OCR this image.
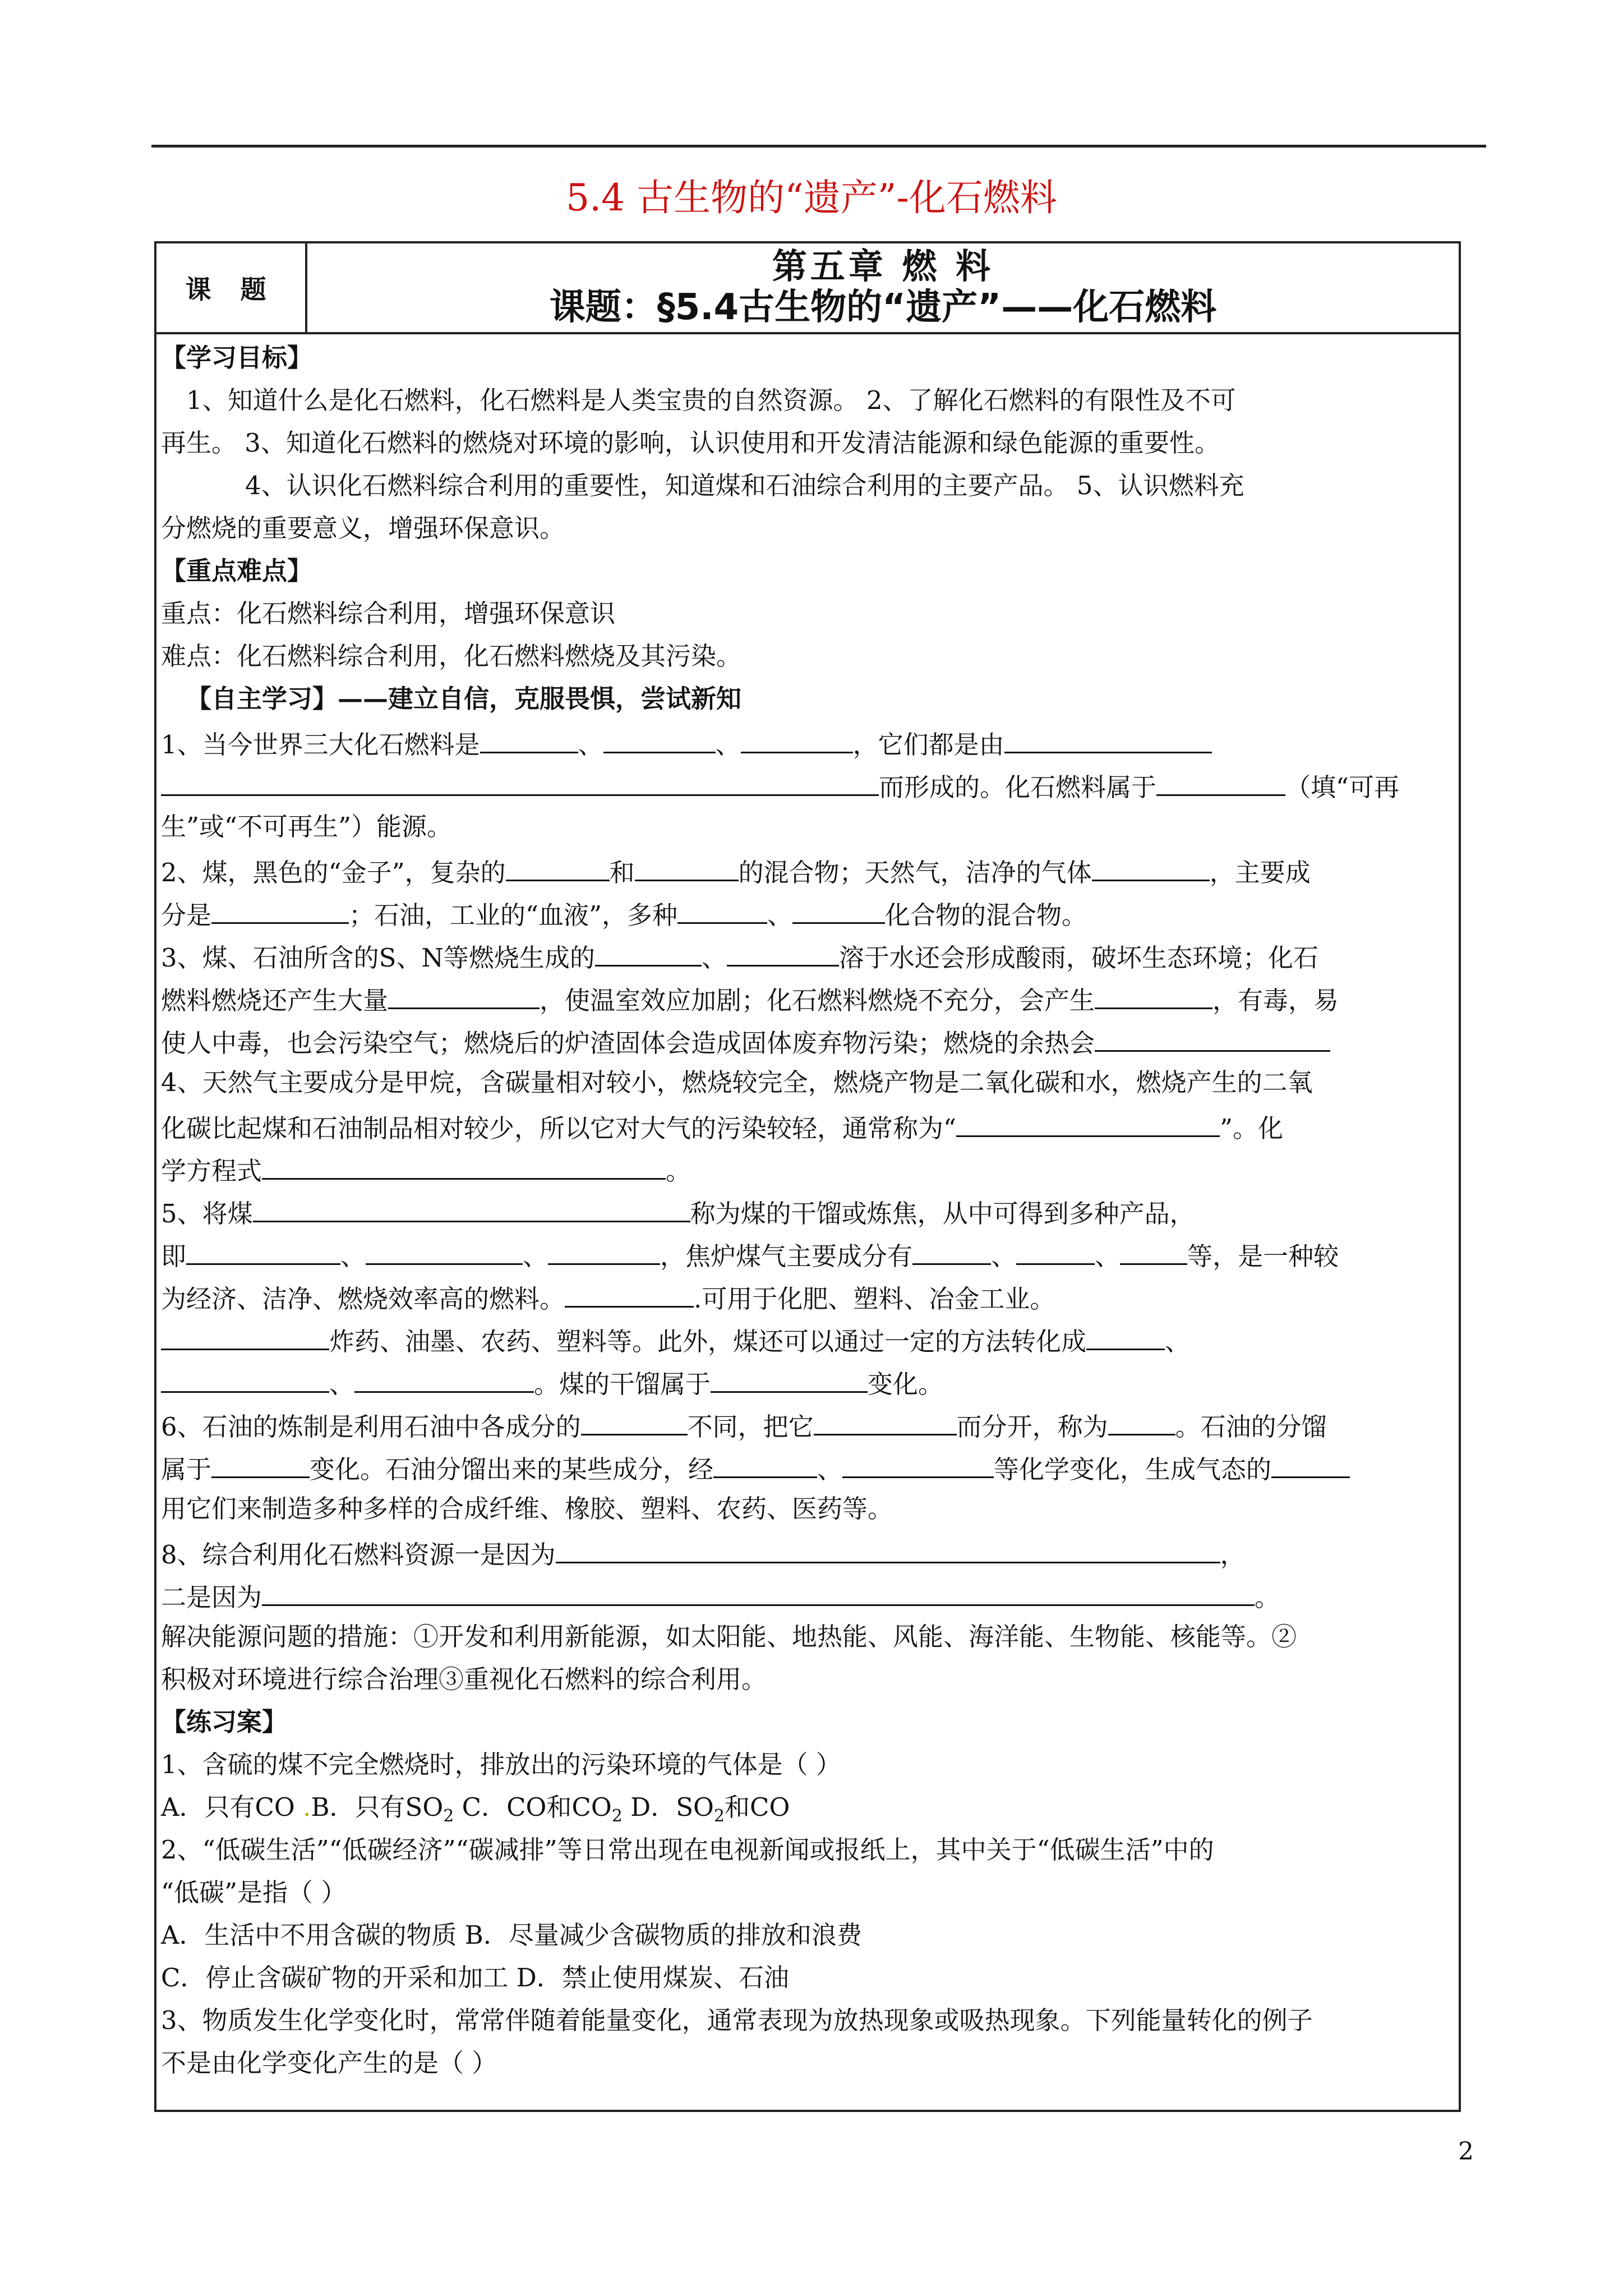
5.4 古生物的“遗产”-化石燃料
课 题
第五章 燃 料
课题：§5.4古生物的“遗产”——化石燃料
【学习目标】
1、知道什么是化石燃料，化石燃料是人类宝贵的自然资源。 2、了解化石燃料的有限性及不可
再生。 3、知道化石燃料的燃烧对环境的影响，认识使用和开发清洁能源和绿色能源的重要性。
4、认识化石燃料综合利用的重要性，知道煤和石油综合利用的主要产品。 5、认识燃料充
分燃烧的重要意义，增强环保意识。
【重点难点】
重点：化石燃料综合利用，增强环保意识
难点：化石燃料综合利用，化石燃料燃烧及其污染。
【自主学习】——建立自信，克服畏惧，尝试新知
1、当今世界三大化石燃料是	、	、	，它们都是由
而形成的。化石燃料属于	（填“可再
生”或“不可再生”）能源。
2、煤，黑色的“金子”，复杂的	和	的混合物；天然气，洁净的气体	，主要成
分是	；石油，工业的“血液”，多种	、	化合物的混合物。
3、煤、石油所含的S、N等燃烧生成的	、	溶于水还会形成酸雨，破坏生态环境；化石
燃料燃烧还产生大量	，使温室效应加剧；化石燃料燃烧不充分，会产生	，有毒，易
使人中毒，也会污染空气；燃烧后的炉渣固体会造成固体废弃物污染；燃烧的余热会
4、天然气主要成分是甲烷，含碳量相对较小，燃烧较完全，燃烧产物是二氧化碳和水，燃烧产生的二氧
化碳比起煤和石油制品相对较少，所以它对大气的污染较轻，通常称为“	”。化
学方程式	。
5、将煤	称为煤的干馏或炼焦，从中可得到多种产品，
即	、	、	，焦炉煤气主要成分有	、	、	等，是一种较
为经济、洁净、燃烧效率高的燃料。	.可用于化肥、塑料、冶金工业。
炸药、油墨、农药、塑料等。此外，煤还可以通过一定的方法转化成	、
、	。煤的干馏属于	变化。
6、石油的炼制是利用石油中各成分的	不同，把它	而分开，称为	。石油的分馏
属于	变化。石油分馏出来的某些成分，经	、	等化学变化，生成气态的
用它们来制造多种多样的合成纤维、橡胶、塑料、农药、医药等。
8、综合利用化石燃料资源一是因为	，
二是因为	。
解决能源问题的措施：①开发和利用新能源，如太阳能、地热能、风能、海洋能、生物能、核能等。②
积极对环境进行综合治理③重视化石燃料的综合利用。
【练习案】
1、含硫的煤不完全燃烧时，排放出的污染环境的气体是（ ）
A．只有CO .B．只有$SO_2$ C．CO和$CO_2$ D．$SO_2$和CO
2、“低碳生活”“低碳经济”“碳减排”等日常出现在电视新闻或报纸上，其中关于“低碳生活”中的
“低碳”是指（ ）
A．生活中不用含碳的物质 B．尽量减少含碳物质的排放和浪费
C．停止含碳矿物的开采和加工 D．禁止使用煤炭、石油
3、物质发生化学变化时，常常伴随着能量变化，通常表现为放热现象或吸热现象。下列能量转化的例子
不是由化学变化产生的是（ ）
2
